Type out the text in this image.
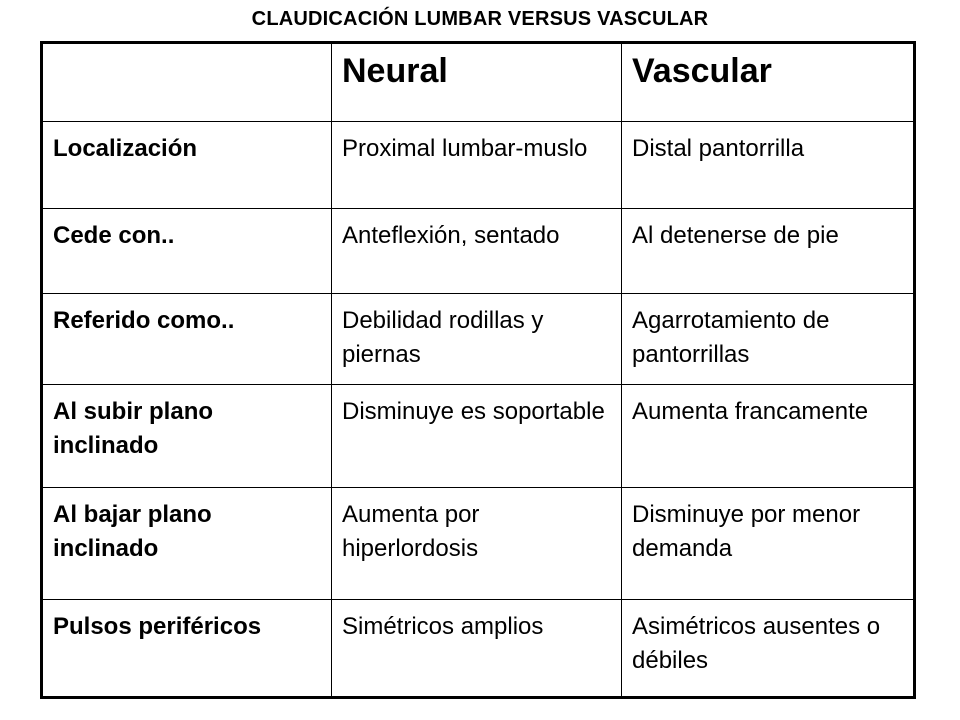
CLAUDICACIÓN LUMBAR VERSUS VASCULAR
	Neural	Vascular
Localización	Proximal lumbar-muslo	Distal pantorrilla
Cede con..	Anteflexión, sentado	Al detenerse de pie
Referido como..	Debilidad rodillas y piernas	Agarrotamiento de pantorrillas
Al subir plano inclinado	Disminuye es soportable	Aumenta francamente
Al bajar plano inclinado	Aumenta por hiperlordosis	Disminuye por menor demanda
Pulsos periféricos	Simétricos amplios	Asimétricos ausentes o débiles
